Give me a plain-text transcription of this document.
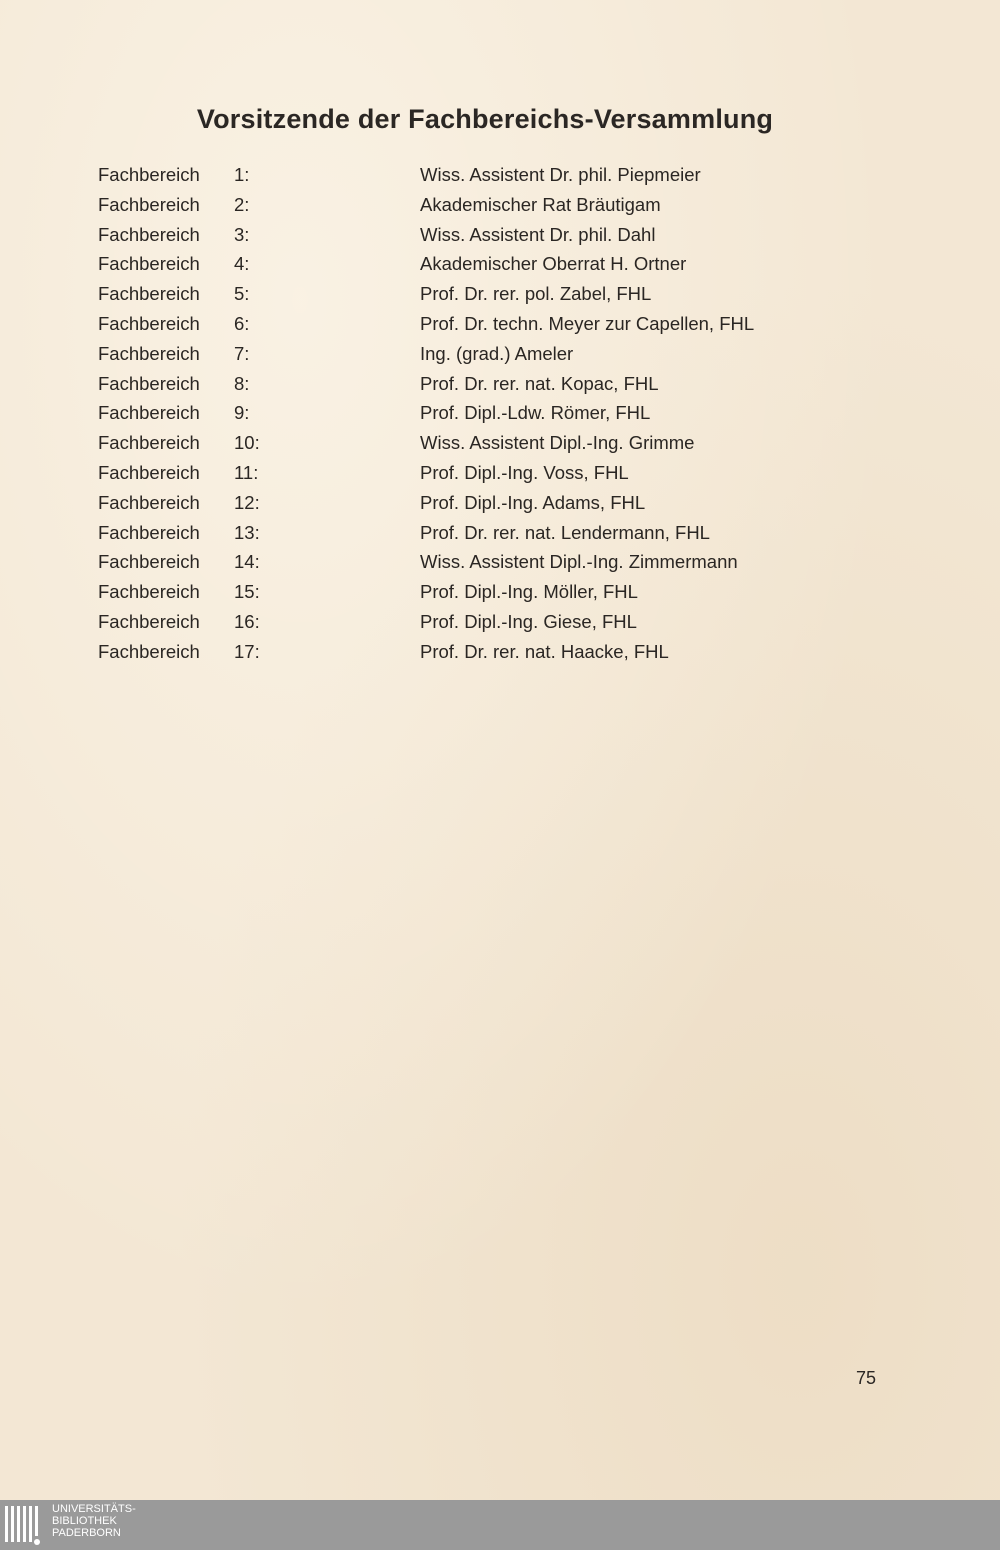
Vorsitzende der Fachbereichs-Versammlung
Fachbereich 1:	Wiss. Assistent Dr. phil. Piepmeier
Fachbereich 2:	Akademischer Rat Bräutigam
Fachbereich 3:	Wiss. Assistent Dr. phil. Dahl
Fachbereich 4:	Akademischer Oberrat H. Ortner
Fachbereich 5:	Prof. Dr. rer. pol. Zabel, FHL
Fachbereich 6:	Prof. Dr. techn. Meyer zur Capellen, FHL
Fachbereich 7:	Ing. (grad.) Ameler
Fachbereich 8:	Prof. Dr. rer. nat. Kopac, FHL
Fachbereich 9:	Prof. Dipl.-Ldw. Römer, FHL
Fachbereich 10:	Wiss. Assistent Dipl.-Ing. Grimme
Fachbereich 11:	Prof. Dipl.-Ing. Voss, FHL
Fachbereich 12:	Prof. Dipl.-Ing. Adams, FHL
Fachbereich 13:	Prof. Dr. rer. nat. Lendermann, FHL
Fachbereich 14:	Wiss. Assistent Dipl.-Ing. Zimmermann
Fachbereich 15:	Prof. Dipl.-Ing. Möller, FHL
Fachbereich 16:	Prof. Dipl.-Ing. Giese, FHL
Fachbereich 17:	Prof. Dr. rer. nat. Haacke, FHL
75
UNIVERSITÄTS-
BIBLIOTHEK
PADERBORN
